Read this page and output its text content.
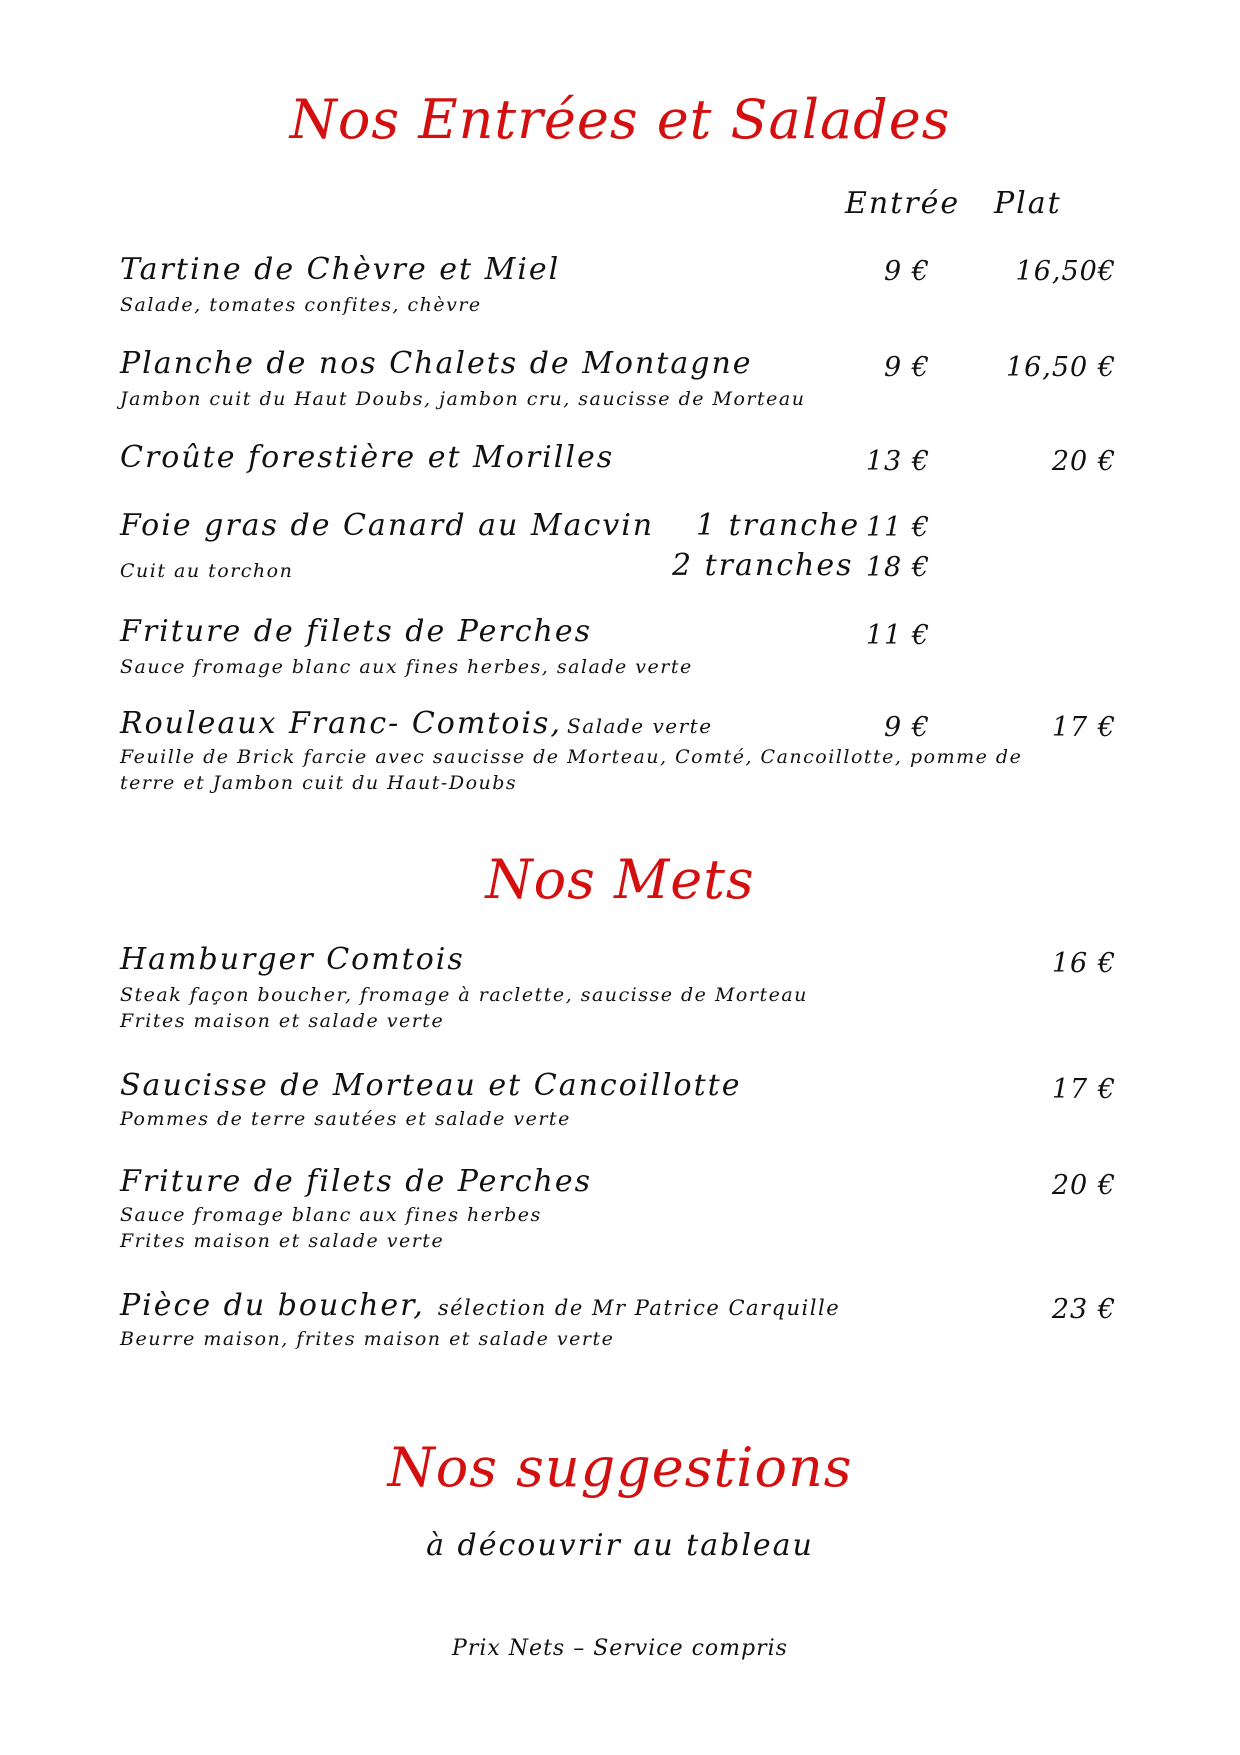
Nos Entrées et Salades
Entrée Plat
Tartine de Chèvre et Miel	9 €	16,50€
Salade, tomates confites, chèvre
Planche de nos Chalets de Montagne	9 €	16,50 €
Jambon cuit du Haut Doubs, jambon cru, saucisse de Morteau
Croûte forestière et Morilles	13 €	20 €
Foie gras de Canard au Macvin 1 tranche 11 €
Cuit au torchon	2 tranches 18 €
Friture de filets de Perches	11 €
Sauce fromage blanc aux fines herbes, salade verte
Rouleaux Franc- Comtois, Salade verte	9 €	17 €
Feuille de Brick farcie avec saucisse de Morteau, Comté, Cancoillotte, pomme de
terre et Jambon cuit du Haut-Doubs
Nos Mets
Hamburger Comtois	16 €
Steak façon boucher, fromage à raclette, saucisse de Morteau
Frites maison et salade verte
Saucisse de Morteau et Cancoillotte	17 €
Pommes de terre sautées et salade verte
Friture de filets de Perches	20 €
Sauce fromage blanc aux fines herbes
Frites maison et salade verte
Pièce du boucher, sélection de Mr Patrice Carquille	23 €
Beurre maison, frites maison et salade verte
Nos suggestions
à découvrir au tableau
Prix Nets – Service compris
